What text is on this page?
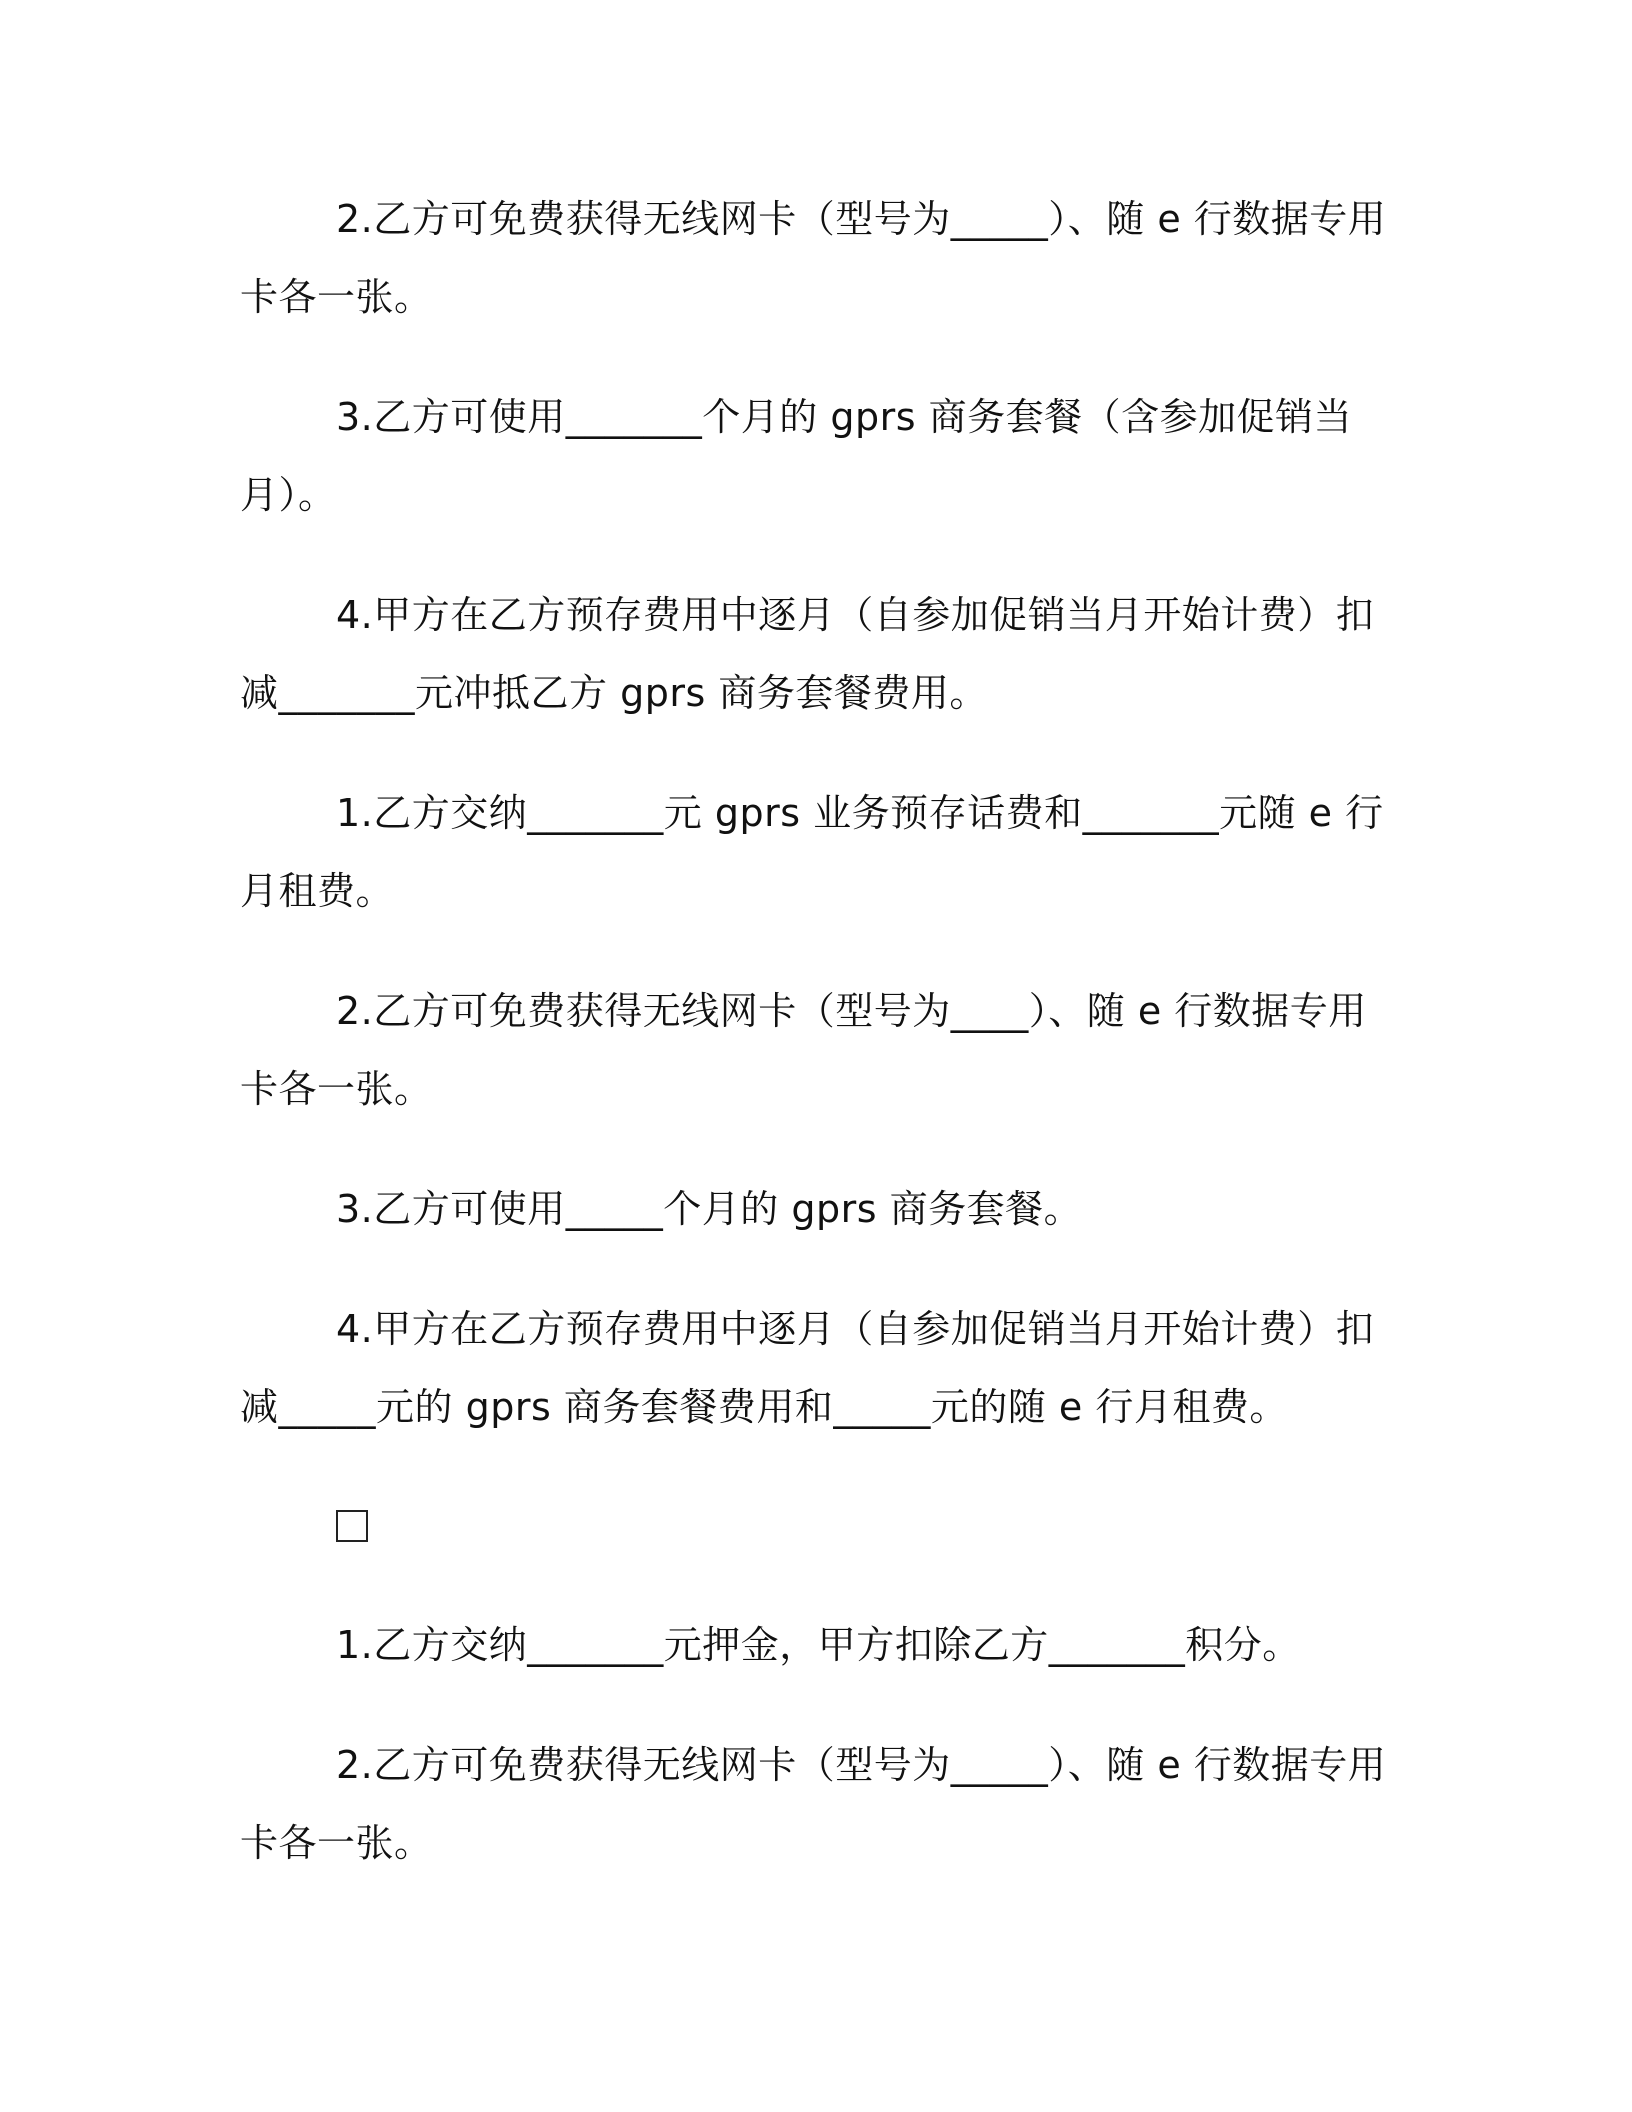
2.乙方可免费获得无线网卡（型号为_____）、随 e 行数据专用卡各一张。

3.乙方可使用_______个月的 gprs 商务套餐（含参加促销当月）。

4.甲方在乙方预存费用中逐月（自参加促销当月开始计费）扣减_______元冲抵乙方 gprs 商务套餐费用。

1.乙方交纳_______元 gprs 业务预存话费和_______元随 e 行月租费。

2.乙方可免费获得无线网卡（型号为____）、随 e 行数据专用卡各一张。

3.乙方可使用_____个月的 gprs 商务套餐。

4.甲方在乙方预存费用中逐月（自参加促销当月开始计费）扣减_____元的 gprs 商务套餐费用和_____元的随 e 行月租费。

1.乙方交纳_______元押金，甲方扣除乙方_______积分。

2.乙方可免费获得无线网卡（型号为_____）、随 e 行数据专用卡各一张。
